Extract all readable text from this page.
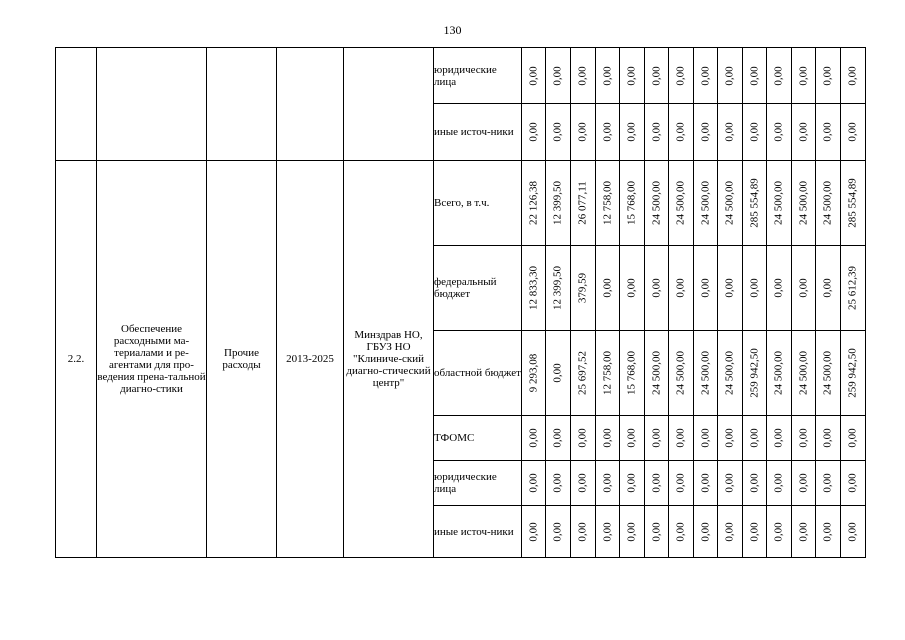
130
					юридические лица	0,00	0,00	0,00	0,00	0,00	0,00	0,00	0,00	0,00	0,00	0,00	0,00	0,00	0,00

					иные источ-ники	0,00	0,00	0,00	0,00	0,00	0,00	0,00	0,00	0,00	0,00	0,00	0,00	0,00	0,00

2.2.	Обеспечение расходными ма-териалами и ре-агентами для про-ведения прена-тальной диагно-стики	Прочие расходы	2013-2025	Минздрав НО, ГБУЗ НО "Клиниче-ский диагно-стический центр"	Всего, в т.ч.	22 126,38	12 399,50	26 077,11	12 758,00	15 768,00	24 500,00	24 500,00	24 500,00	24 500,00	285 554,89	24 500,00	24 500,00	24 500,00	285 554,89

					федеральный бюджет	12 833,30	12 399,50	379,59	0,00	0,00	0,00	0,00	0,00	0,00	0,00	0,00	0,00	0,00	25 612,39

					областной бюджет	9 293,08	0,00	25 697,52	12 758,00	15 768,00	24 500,00	24 500,00	24 500,00	24 500,00	259 942,50	24 500,00	24 500,00	24 500,00	259 942,50

					ТФОМС	0,00	0,00	0,00	0,00	0,00	0,00	0,00	0,00	0,00	0,00	0,00	0,00	0,00	0,00

					юридические лица	0,00	0,00	0,00	0,00	0,00	0,00	0,00	0,00	0,00	0,00	0,00	0,00	0,00	0,00

					иные источ-ники	0,00	0,00	0,00	0,00	0,00	0,00	0,00	0,00	0,00	0,00	0,00	0,00	0,00	0,00
